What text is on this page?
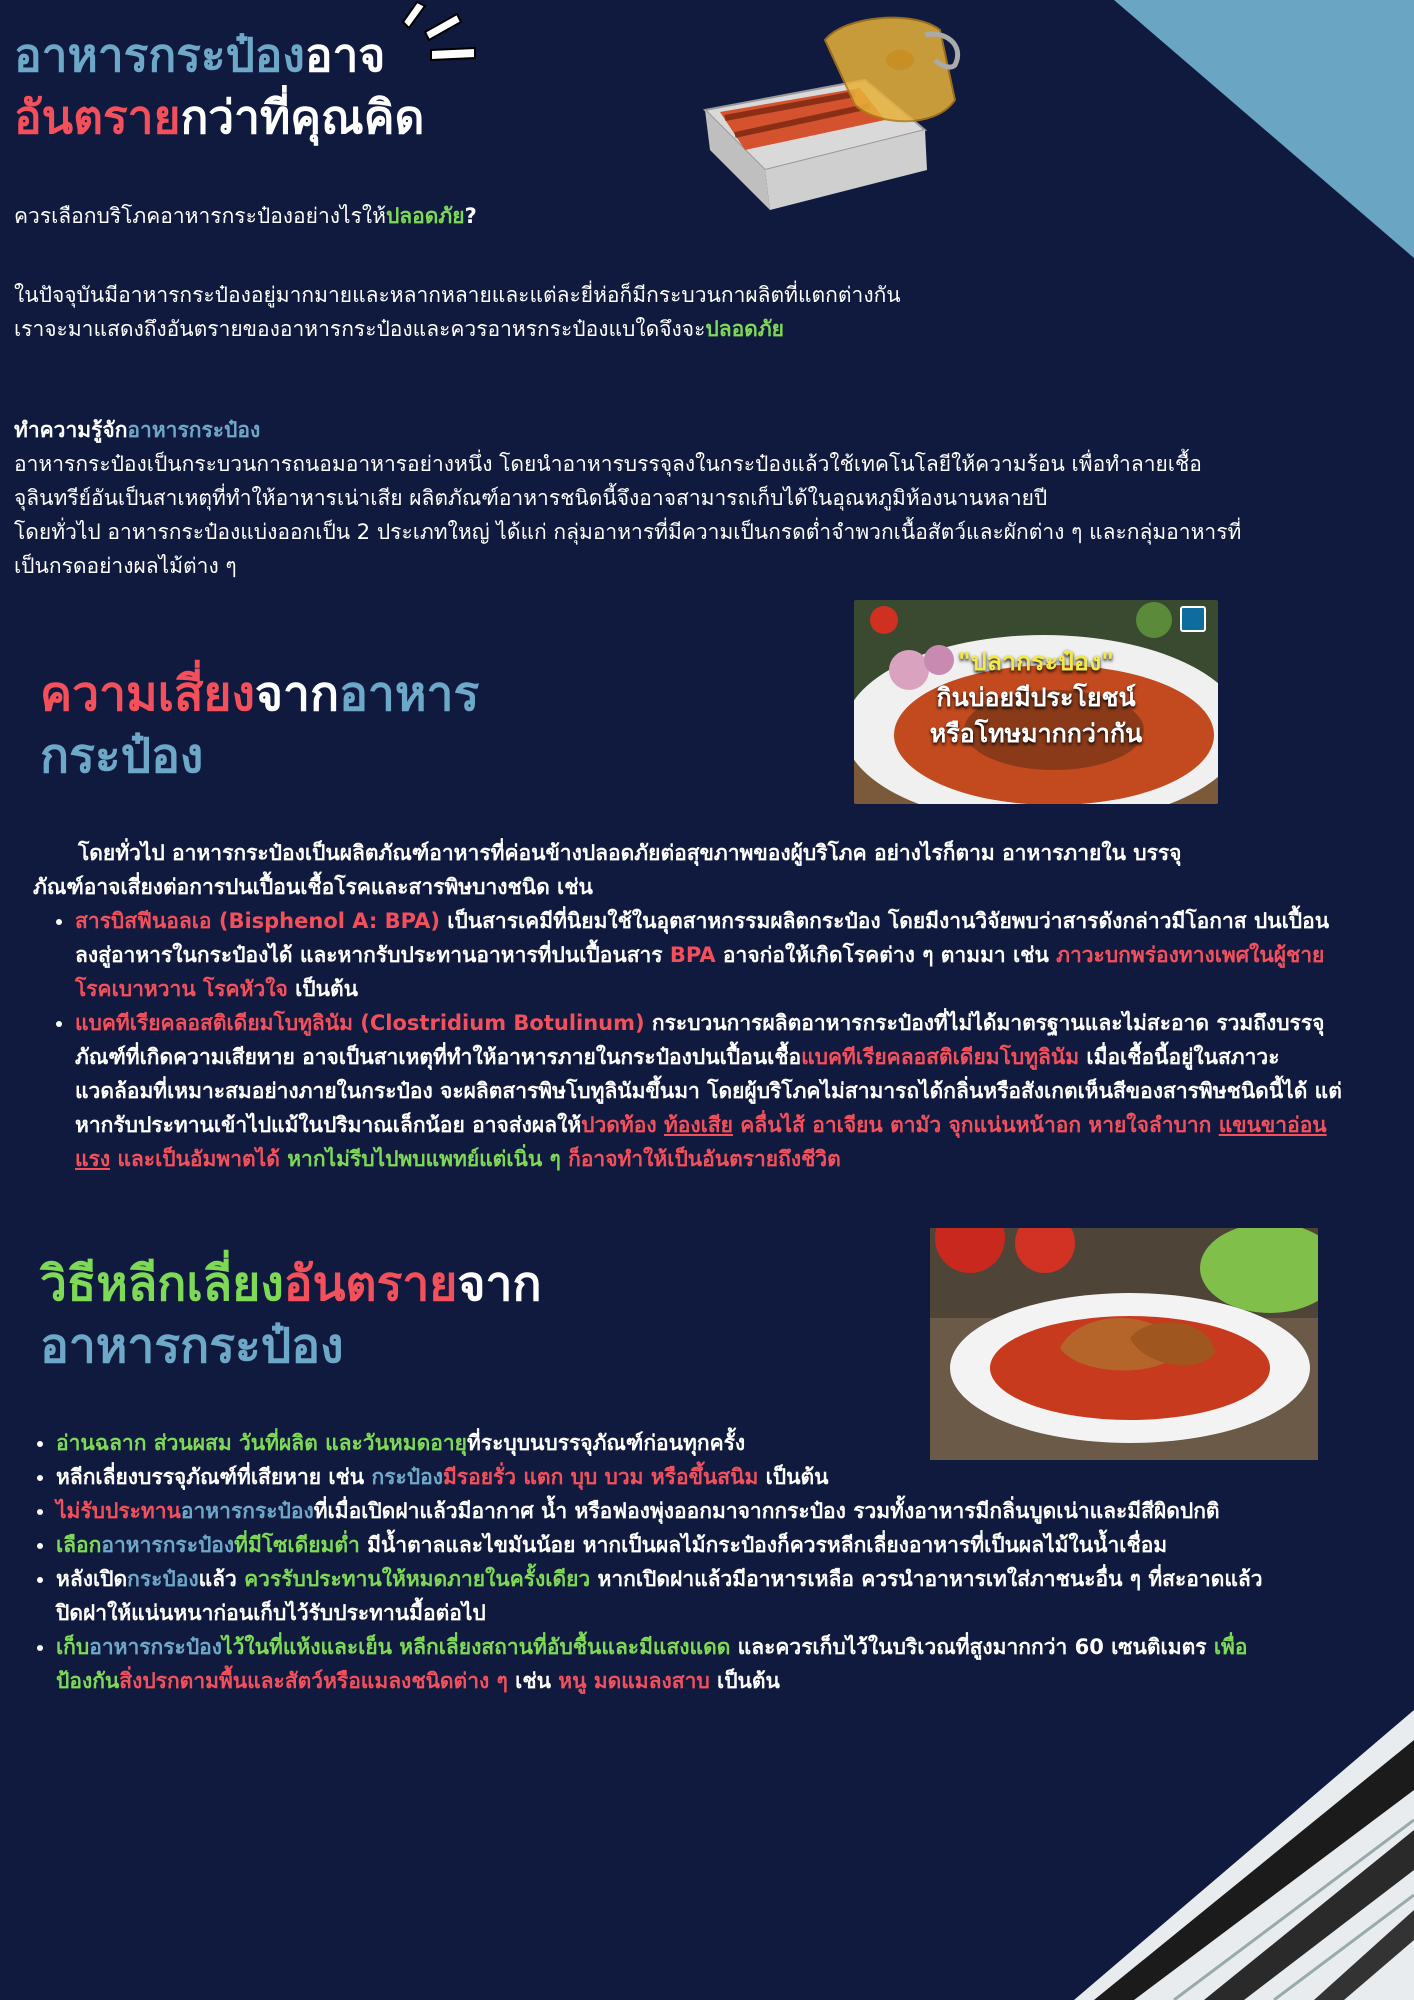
อาหารกระป๋องอาจ
อันตรายกว่าที่คุณคิด
ควรเลือกบริโภคอาหารกระป๋องอย่างไรให้ปลอดภัย?
ในปัจจุบันมีอาหารกระป๋องอยู่มากมายและหลากหลายและแต่ละยี่ห่อก็มีกระบวนกาผลิตที่แตกต่างกัน
เราจะมาแสดงถึงอันตรายของอาหารกระป๋องและควรอาหรกระป๋องแบใดจึงจะปลอดภัย
ทำความรู้จักอาหารกระป๋อง
อาหารกระป๋องเป็นกระบวนการถนอมอาหารอย่างหนึ่ง โดยนำอาหารบรรจุลงในกระป๋องแล้วใช้เทคโนโลยีให้ความร้อน เพื่อทำลายเชื้อ
จุลินทรีย์อันเป็นสาเหตุที่ทำให้อาหารเน่าเสีย ผลิตภัณฑ์อาหารชนิดนี้จึงอาจสามารถเก็บได้ในอุณหภูมิห้องนานหลายปี
โดยทั่วไป อาหารกระป๋องแบ่งออกเป็น 2 ประเภทใหญ่ ได้แก่ กลุ่มอาหารที่มีความเป็นกรดต่ำจำพวกเนื้อสัตว์และผักต่าง ๆ และกลุ่มอาหารที่
เป็นกรดอย่างผลไม้ต่าง ๆ
ความเสี่ยงจากอาหาร
กระป๋อง
"ปลากระป๋อง"
กินบ่อยมีประโยชน์
หรือโทษมากกว่ากัน

โดยทั่วไป อาหารกระป๋องเป็นผลิตภัณฑ์อาหารที่ค่อนข้างปลอดภัยต่อสุขภาพของผู้บริโภค อย่างไรก็ตาม อาหารภายใน บรรจุ
ภัณฑ์อาจเสี่ยงต่อการปนเปื้อนเชื้อโรคและสารพิษบางชนิด เช่น

• สารบิสฟีนอลเอ (Bisphenol A: BPA) เป็นสารเคมีที่นิยมใช้ในอุตสาหกรรมผลิตกระป๋อง โดยมีงานวิจัยพบว่าสารดังกล่าวมีโอกาส ปนเปื้อนลงสู่อาหารในกระป๋องได้ และหากรับประทานอาหารที่ปนเปื้อนสาร BPA อาจก่อให้เกิดโรคต่าง ๆ ตามมา เช่น ภาวะบกพร่องทางเพศในผู้ชาย โรคเบาหวาน โรคหัวใจ เป็นต้น
• แบคทีเรียคลอสติเดียมโบทูลินัม (Clostridium Botulinum) กระบวนการผลิตอาหารกระป๋องที่ไม่ได้มาตรฐานและไม่สะอาด รวมถึงบรรจุภัณฑ์ที่เกิดความเสียหาย อาจเป็นสาเหตุที่ทำให้อาหารภายในกระป๋องปนเปื้อนเชื้อแบคทีเรียคลอสติเดียมโบทูลินัม เมื่อเชื้อนี้อยู่ในสภาวะแวดล้อมที่เหมาะสมอย่างภายในกระป๋อง จะผลิตสารพิษโบทูลินัมขึ้นมา โดยผู้บริโภคไม่สามารถได้กลิ่นหรือสังเกตเห็นสีของสารพิษชนิดนี้ได้ แต่หากรับประทานเข้าไปแม้ในปริมาณเล็กน้อย อาจส่งผลให้ปวดท้อง ท้องเสีย คลื่นไส้ อาเจียน ตามัว จุกแน่นหน้าอก หายใจลำบาก แขนขาอ่อนแรง และเป็นอัมพาตได้ หากไม่รีบไปพบแพทย์แต่เนิ่น ๆ ก็อาจทำให้เป็นอันตรายถึงชีวิต
วิธีหลีกเลี่ยงอันตรายจาก
อาหารกระป๋อง
• อ่านฉลาก ส่วนผสม วันที่ผลิต และวันหมดอายุที่ระบุบนบรรจุภัณฑ์ก่อนทุกครั้ง
• หลีกเลี่ยงบรรจุภัณฑ์ที่เสียหาย เช่น กระป๋องมีรอยรั่ว แตก บุบ บวม หรือขึ้นสนิม เป็นต้น
• ไม่รับประทานอาหารกระป๋องที่เมื่อเปิดฝาแล้วมีอากาศ น้ำ หรือฟองพุ่งออกมาจากกระป๋อง รวมทั้งอาหารมีกลิ่นบูดเน่าและมีสีผิดปกติ
• เลือกอาหารกระป๋องที่มีโซเดียมต่ำ มีน้ำตาลและไขมันน้อย หากเป็นผลไม้กระป๋องก็ควรหลีกเลี่ยงอาหารที่เป็นผลไม้ในน้ำเชื่อม
• หลังเปิดกระป๋องแล้ว ควรรับประทานให้หมดภายในครั้งเดียว หากเปิดฝาแล้วมีอาหารเหลือ ควรนำอาหารเทใส่ภาชนะอื่น ๆ ที่สะอาดแล้วปิดฝาให้แน่นหนาก่อนเก็บไว้รับประทานมื้อต่อไป
• เก็บอาหารกระป๋องไว้ในที่แห้งและเย็น หลีกเลี่ยงสถานที่อับชื้นและมีแสงแดด และควรเก็บไว้ในบริเวณที่สูงมากกว่า 60 เซนติเมตร เพื่อป้องกันสิ่งปรกตามพื้นและสัตว์หรือแมลงชนิดต่าง ๆ เช่น หนู มดแมลงสาบ เป็นต้น
